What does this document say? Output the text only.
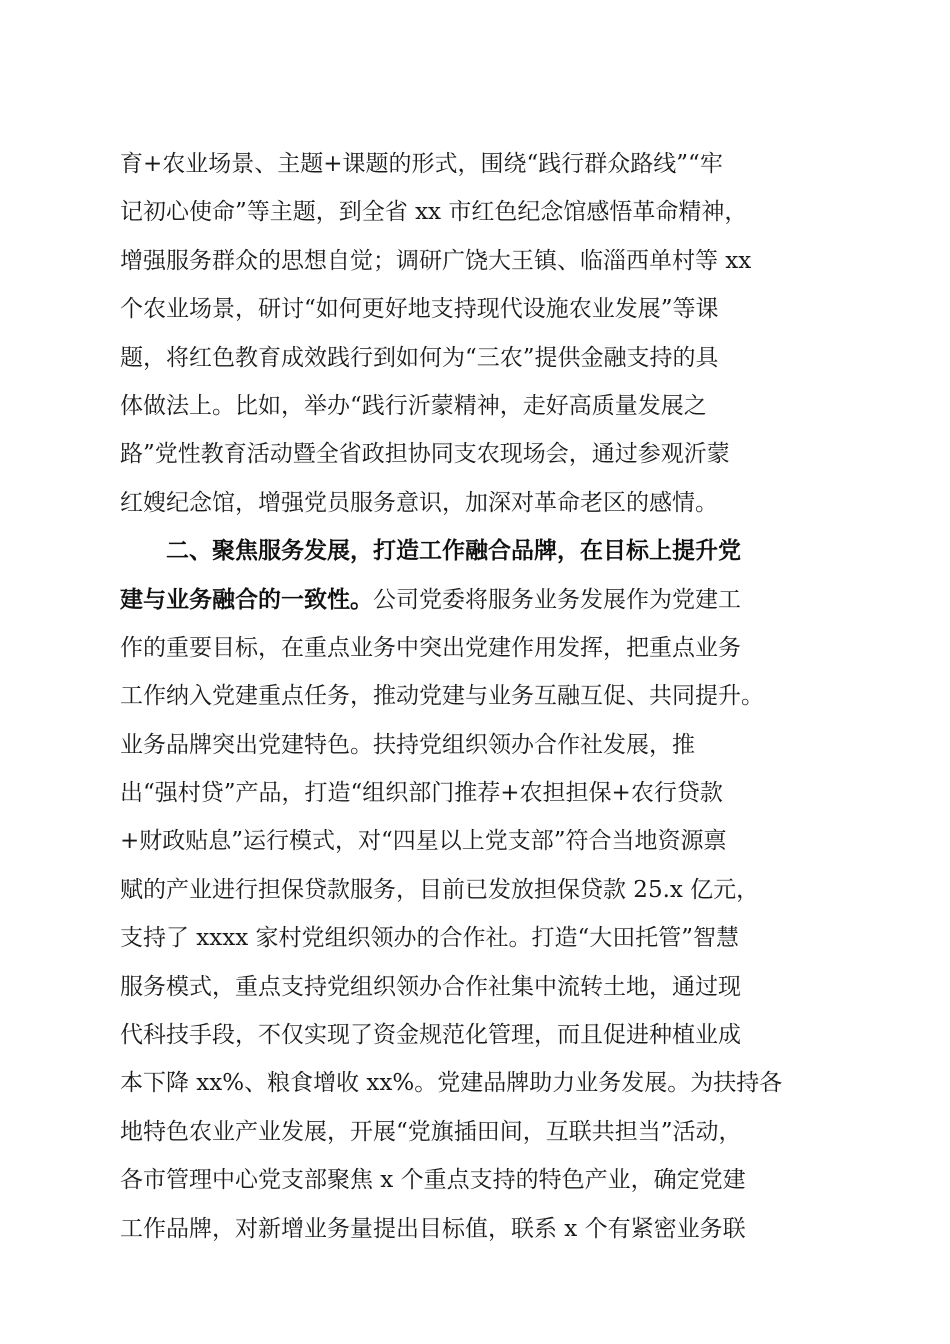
育+农业场景、主题+课题的形式，围绕“践行群众路线”“牢
记初心使命”等主题，到全省 xx 市红色纪念馆感悟革命精神，
增强服务群众的思想自觉；调研广饶大王镇、临淄西单村等 xx
个农业场景，研讨“如何更好地支持现代设施农业发展”等课
题，将红色教育成效践行到如何为“三农”提供金融支持的具
体做法上。比如，举办“践行沂蒙精神，走好高质量发展之
路”党性教育活动暨全省政担协同支农现场会，通过参观沂蒙
红嫂纪念馆，增强党员服务意识，加深对革命老区的感情。
二、聚焦服务发展，打造工作融合品牌，在目标上提升党
建与业务融合的一致性。公司党委将服务业务发展作为党建工
作的重要目标，在重点业务中突出党建作用发挥，把重点业务
工作纳入党建重点任务，推动党建与业务互融互促、共同提升。
业务品牌突出党建特色。扶持党组织领办合作社发展，推
出“强村贷”产品，打造“组织部门推荐+农担担保+农行贷款
+财政贴息”运行模式，对“四星以上党支部”符合当地资源禀
赋的产业进行担保贷款服务，目前已发放担保贷款 25.x 亿元，
支持了 xxxx 家村党组织领办的合作社。打造“大田托管”智慧
服务模式，重点支持党组织领办合作社集中流转土地，通过现
代科技手段，不仅实现了资金规范化管理，而且促进种植业成
本下降 xx%、粮食增收 xx%。党建品牌助力业务发展。为扶持各
地特色农业产业发展，开展“党旗插田间，互联共担当”活动，
各市管理中心党支部聚焦 x 个重点支持的特色产业，确定党建
工作品牌，对新增业务量提出目标值，联系 x 个有紧密业务联
